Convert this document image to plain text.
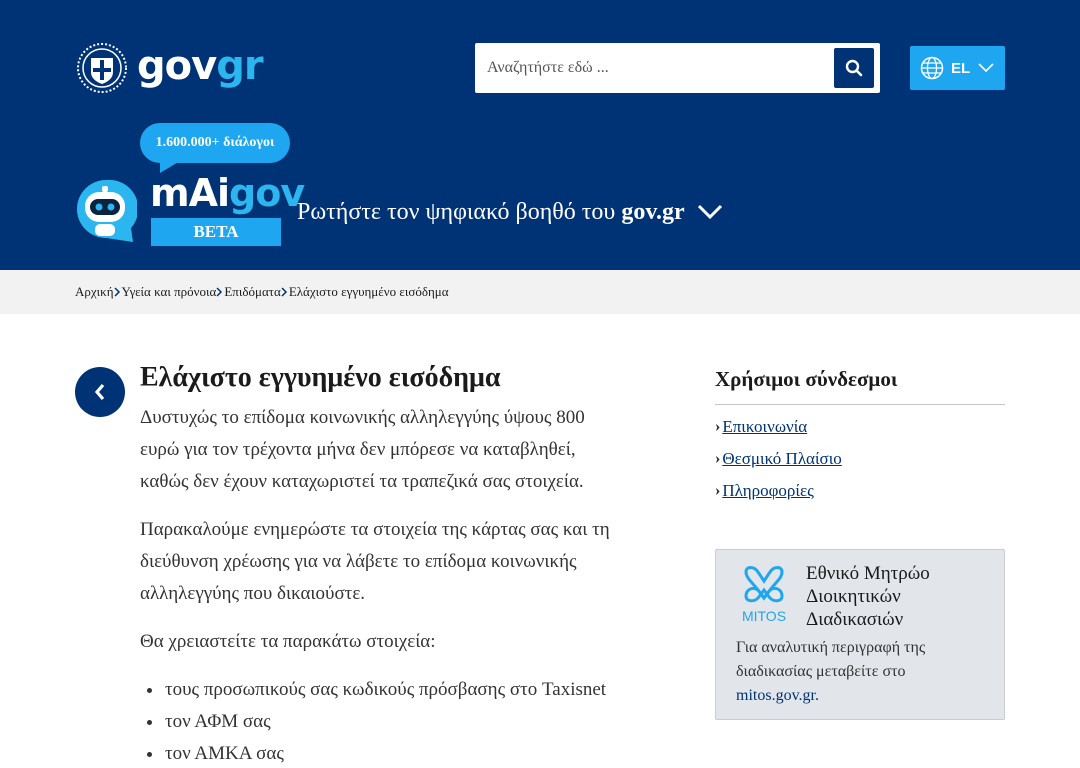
govgr
Αναζητήστε εδώ ...	EL
1.600.000+ διάλογοι
mAigov
BETA
Ρωτήστε τον ψηφιακό βοηθό του gov.gr
Αρχική Υγεία και πρόνοια Επιδόματα Ελάχιστο εγγυημένο εισόδημα
Ελάχιστο εγγυημένο εισόδημα

Δυστυχώς το επίδομα κοινωνικής αλληλεγγύης ύψους 800 ευρώ για τον τρέχοντα μήνα δεν μπόρεσε να καταβληθεί, καθώς δεν έχουν καταχωριστεί τα τραπεζικά σας στοιχεία.

Παρακαλούμε ενημερώστε τα στοιχεία της κάρτας σας και τη διεύθυνση χρέωσης για να λάβετε το επίδομα κοινωνικής αλληλεγγύης που δικαιούστε.

Θα χρειαστείτε τα παρακάτω στοιχεία:

τους προσωπικούς σας κωδικούς πρόσβασης στο Taxisnet
τον ΑΦΜ σας
τον ΑΜΚΑ σας
Χρήσιμοι σύνδεσμοι
› Επικοινωνία
› Θεσμικό Πλαίσιο
› Πληροφορίες
MITOS
Εθνικό Μητρώο Διοικητικών Διαδικασιών
Για αναλυτική περιγραφή της διαδικασίας μεταβείτε στο mitos.gov.gr.
